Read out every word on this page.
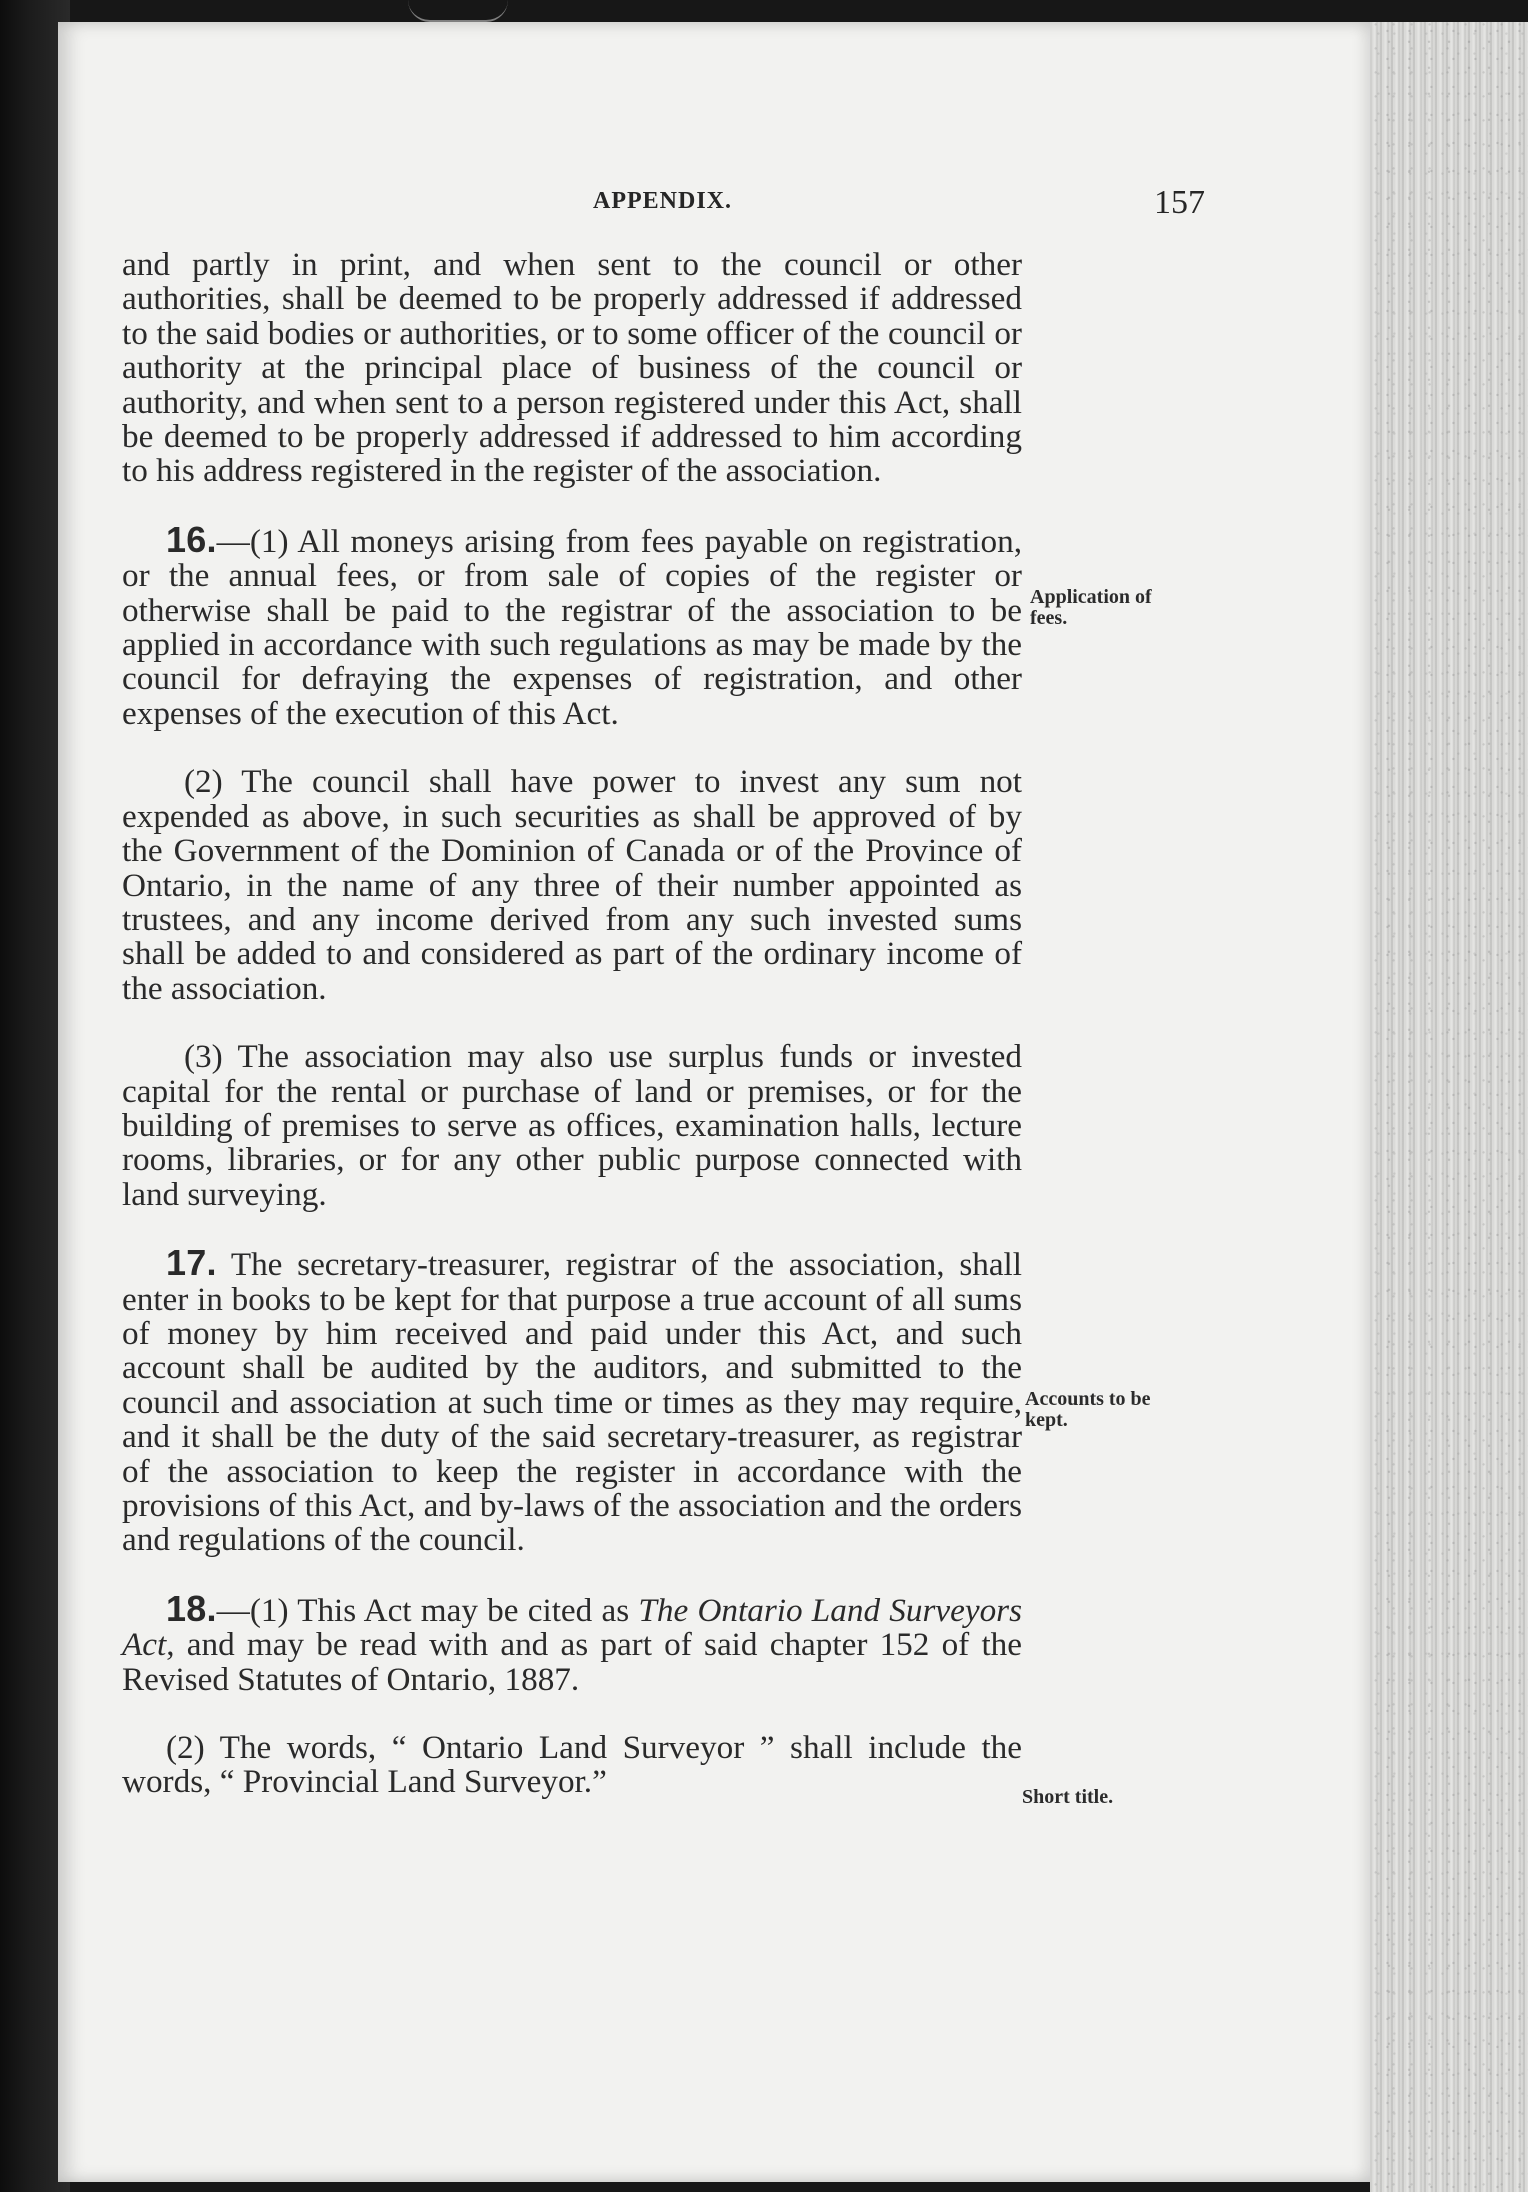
APPENDIX.	157

and partly in print, and when sent to the council or other authorities, shall be deemed to be properly addressed if addressed to the said bodies or authorities, or to some officer of the council or authority at the principal place of business of the council or authority, and when sent to a person registered under this Act, shall be deemed to be properly addressed if addressed to him according to his address registered in the register of the association.

16.—(1) All moneys arising from fees payable on registration, or the annual fees, or from sale of copies of the register or otherwise shall be paid to the registrar of the association to be applied in accordance with such regulations as may be made by the council for defraying the expenses of registration, and other expenses of the execution of this Act.

(2) The council shall have power to invest any sum not expended as above, in such securities as shall be approved of by the Government of the Dominion of Canada or of the Province of Ontario, in the name of any three of their number appointed as trustees, and any income derived from any such invested sums shall be added to and considered as part of the ordinary income of the association.

(3) The association may also use surplus funds or invested capital for the rental or purchase of land or premises, or for the building of premises to serve as offices, examination halls, lecture rooms, libraries, or for any other public purpose connected with land surveying.

17. The secretary-treasurer, registrar of the association, shall enter in books to be kept for that purpose a true account of all sums of money by him received and paid under this Act, and such account shall be audited by the auditors, and submitted to the council and association at such time or times as they may require, and it shall be the duty of the said secretary-treasurer, as registrar of the association to keep the register in accordance with the provisions of this Act, and by-laws of the association and the orders and regulations of the council.

18.—(1) This Act may be cited as The Ontario Land Surveyors Act, and may be read with and as part of said chapter 152 of the Revised Statutes of Ontario, 1887.

(2) The words, “ Ontario Land Surveyor ” shall include the words, “ Provincial Land Surveyor.”

Application of fees.
Accounts to be kept.
Short title.
